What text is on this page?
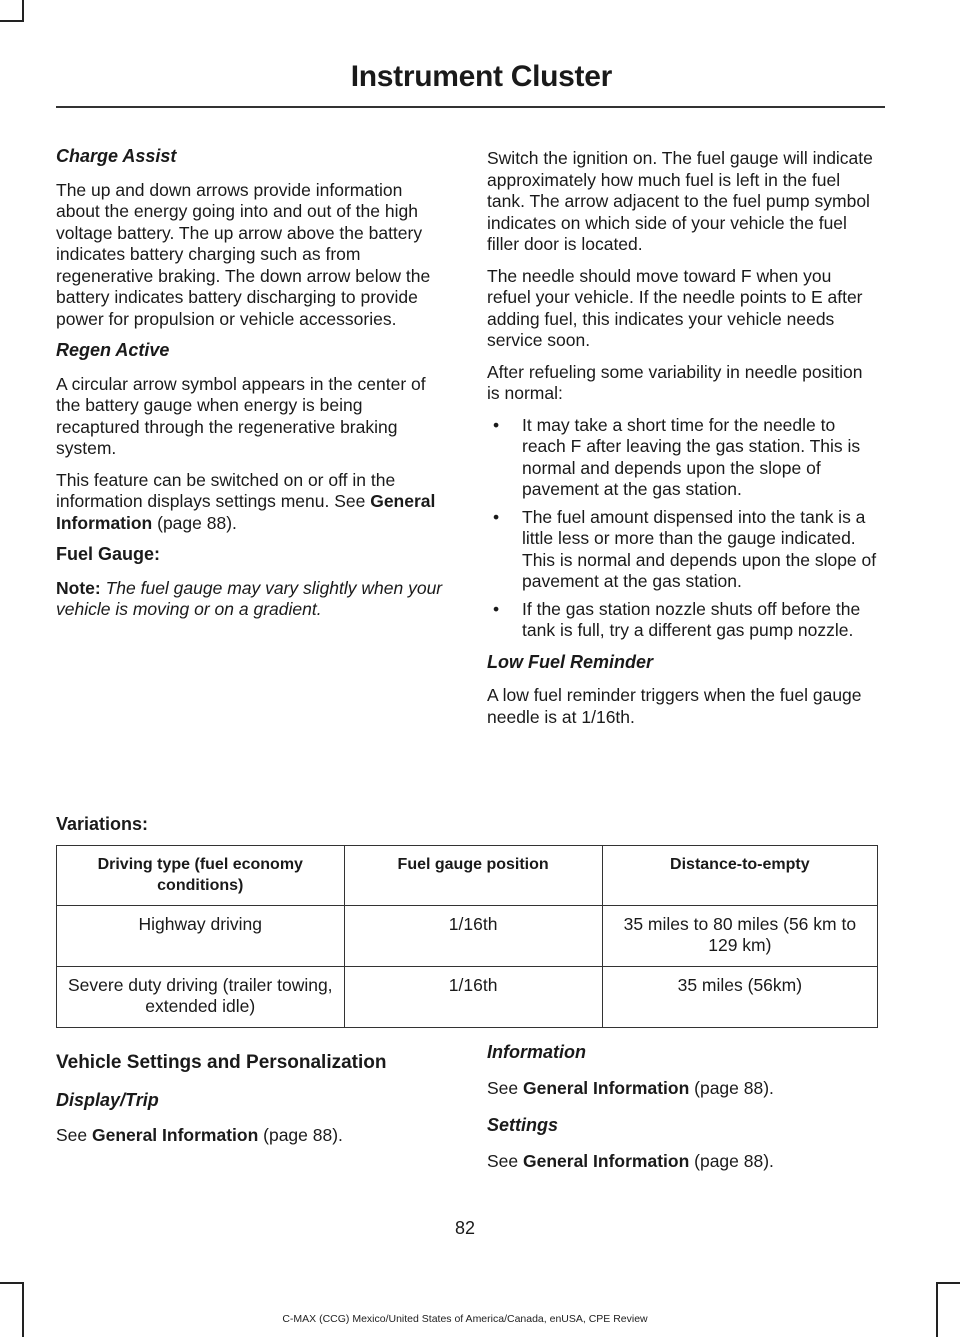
Instrument Cluster
Charge Assist

The up and down arrows provide information about the energy going into and out of the high voltage battery. The up arrow above the battery indicates battery charging such as from regenerative braking. The down arrow below the battery indicates battery discharging to provide power for propulsion or vehicle accessories.

Regen Active

A circular arrow symbol appears in the center of the battery gauge when energy is being recaptured through the regenerative braking system.

This feature can be switched on or off in the information displays settings menu. See General Information (page 88).

Fuel Gauge:

Note: The fuel gauge may vary slightly when your vehicle is moving or on a gradient.

Switch the ignition on. The fuel gauge will indicate approximately how much fuel is left in the fuel tank. The arrow adjacent to the fuel pump symbol indicates on which side of your vehicle the fuel filler door is located.

The needle should move toward F when you refuel your vehicle. If the needle points to E after adding fuel, this indicates your vehicle needs service soon.

After refueling some variability in needle position is normal:

• It may take a short time for the needle to reach F after leaving the gas station. This is normal and depends upon the slope of pavement at the gas station.
• The fuel amount dispensed into the tank is a little less or more than the gauge indicated. This is normal and depends upon the slope of pavement at the gas station.
• If the gas station nozzle shuts off before the tank is full, try a different gas pump nozzle.
Low Fuel Reminder

A low fuel reminder triggers when the fuel gauge needle is at 1/16th.

Variations:
Driving type (fuel economy conditions)	Fuel gauge position	Distance-to-empty
Highway driving	1/16th	35 miles to 80 miles (56 km to 129 km)
Severe duty driving (trailer towing, extended idle)	1/16th	35 miles (56km)
Vehicle Settings and Personalization
Display/Trip

See General Information (page 88).

Information

See General Information (page 88).

Settings

See General Information (page 88).

82
C-MAX (CCG) Mexico/United States of America/Canada, enUSA, CPE Review
